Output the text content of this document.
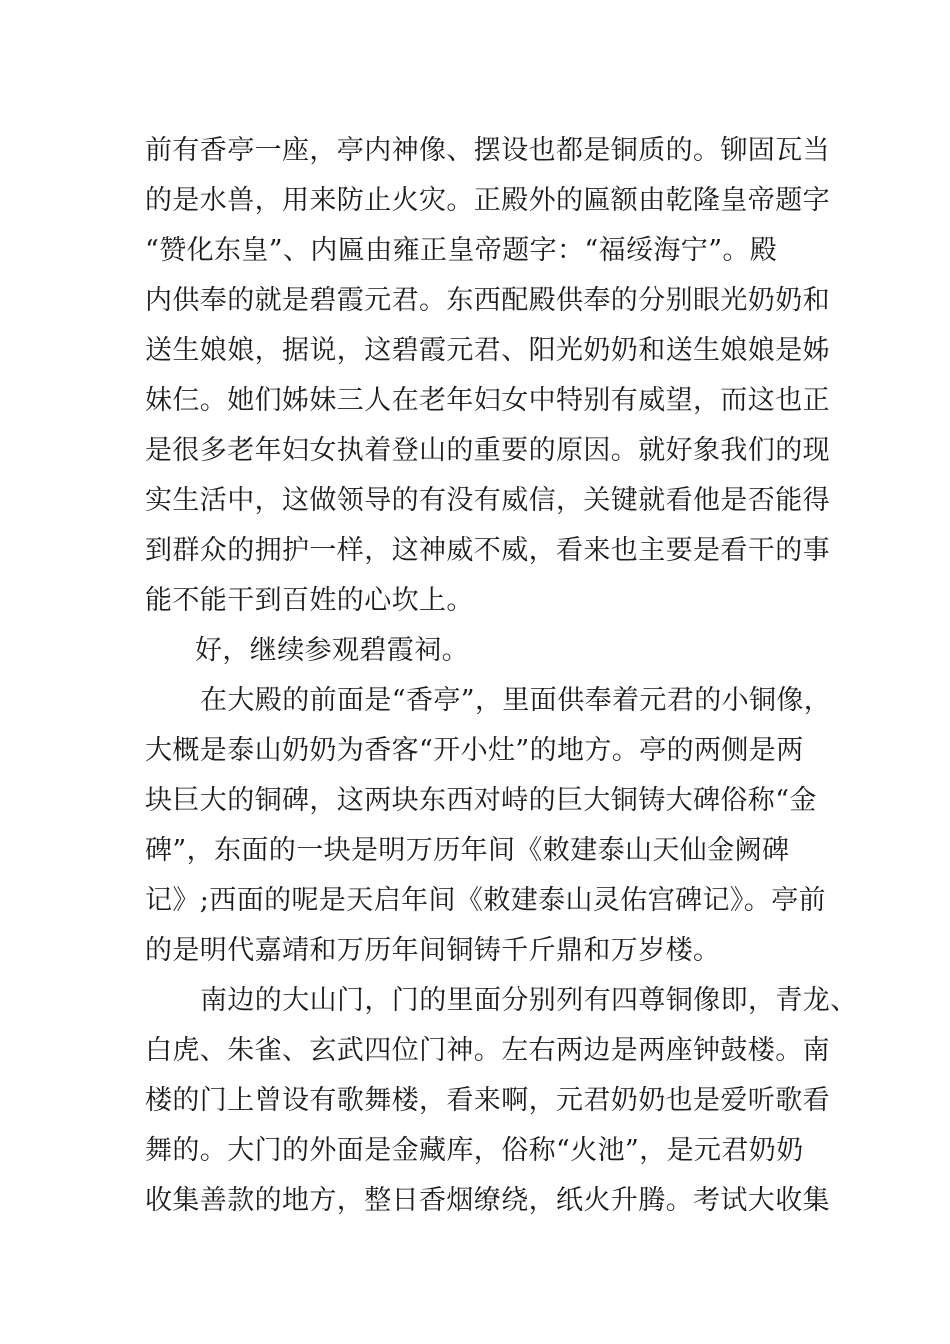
前有香亭一座，亭内神像、摆设也都是铜质的。铆固瓦当
的是水兽，用来防止火灾。正殿外的匾额由乾隆皇帝题字
“赞化东皇”、内匾由雍正皇帝题字：“福绥海宁”。殿
内供奉的就是碧霞元君。东西配殿供奉的分别眼光奶奶和
送生娘娘，据说，这碧霞元君、阳光奶奶和送生娘娘是姊
妹仨。她们姊妹三人在老年妇女中特别有威望，而这也正
是很多老年妇女执着登山的重要的原因。就好象我们的现
实生活中，这做领导的有没有威信，关键就看他是否能得
到群众的拥护一样，这神威不威，看来也主要是看干的事
能不能干到百姓的心坎上。
好，继续参观碧霞祠。
在大殿的前面是“香亭”，里面供奉着元君的小铜像，
大概是泰山奶奶为香客“开小灶”的地方。亭的两侧是两
块巨大的铜碑，这两块东西对峙的巨大铜铸大碑俗称“金
碑”，东面的一块是明万历年间《敕建泰山天仙金阙碑
记》;西面的呢是天启年间《敕建泰山灵佑宫碑记》。亭前
的是明代嘉靖和万历年间铜铸千斤鼎和万岁楼。
南边的大山门，门的里面分别列有四尊铜像即，青龙、
白虎、朱雀、玄武四位门神。左右两边是两座钟鼓楼。南
楼的门上曾设有歌舞楼，看来啊，元君奶奶也是爱听歌看
舞的。大门的外面是金藏库，俗称“火池”，是元君奶奶
收集善款的地方，整日香烟缭绕，纸火升腾。考试大收集
